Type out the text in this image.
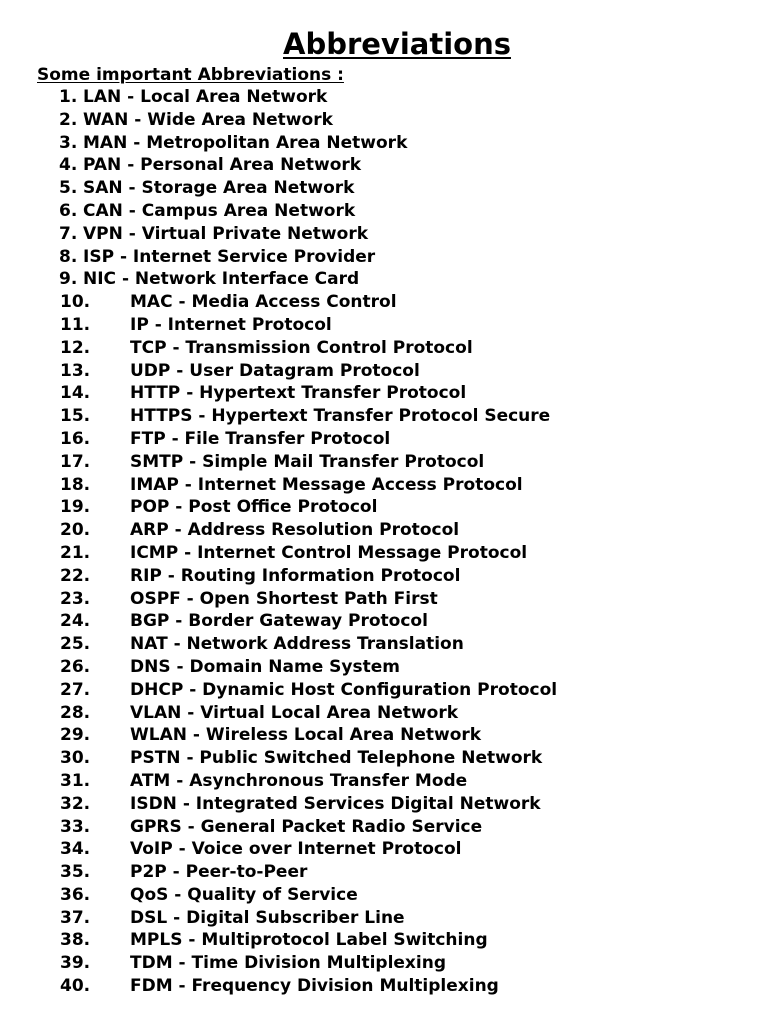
Abbreviations
Some important Abbreviations :
1. LAN - Local Area Network
2. WAN - Wide Area Network
3. MAN - Metropolitan Area Network
4. PAN - Personal Area Network
5. SAN - Storage Area Network
6. CAN - Campus Area Network
7. VPN - Virtual Private Network
8. ISP - Internet Service Provider
9. NIC - Network Interface Card
10. MAC - Media Access Control
11. IP - Internet Protocol
12. TCP - Transmission Control Protocol
13. UDP - User Datagram Protocol
14. HTTP - Hypertext Transfer Protocol
15. HTTPS - Hypertext Transfer Protocol Secure
16. FTP - File Transfer Protocol
17. SMTP - Simple Mail Transfer Protocol
18. IMAP - Internet Message Access Protocol
19. POP - Post Office Protocol
20. ARP - Address Resolution Protocol
21. ICMP - Internet Control Message Protocol
22. RIP - Routing Information Protocol
23. OSPF - Open Shortest Path First
24. BGP - Border Gateway Protocol
25. NAT - Network Address Translation
26. DNS - Domain Name System
27. DHCP - Dynamic Host Configuration Protocol
28. VLAN - Virtual Local Area Network
29. WLAN - Wireless Local Area Network
30. PSTN - Public Switched Telephone Network
31. ATM - Asynchronous Transfer Mode
32. ISDN - Integrated Services Digital Network
33. GPRS - General Packet Radio Service
34. VoIP - Voice over Internet Protocol
35. P2P - Peer-to-Peer
36. QoS - Quality of Service
37. DSL - Digital Subscriber Line
38. MPLS - Multiprotocol Label Switching
39. TDM - Time Division Multiplexing
40. FDM - Frequency Division Multiplexing
